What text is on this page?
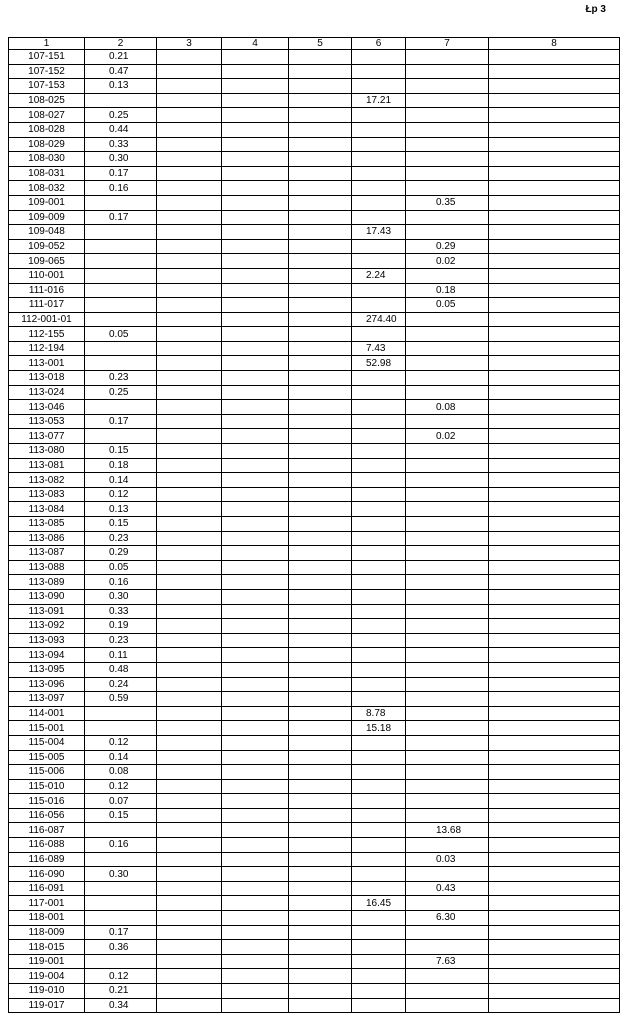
Łp 3
1	2	3	4	5	6	7	8
107-151	0.21						
107-152	0.47						
107-153	0.13						
108-025					17.21		
108-027	0.25						
108-028	0.44						
108-029	0.33						
108-030	0.30						
108-031	0.17						
108-032	0.16						
109-001						0.35	
109-009	0.17						
109-048					17.43		
109-052						0.29	
109-065						0.02	
110-001					2.24		
111-016						0.18	
111-017						0.05	
112-001-01					274.40		
112-155	0.05						
112-194					7.43		
113-001					52.98		
113-018	0.23						
113-024	0.25						
113-046						0.08	
113-053	0.17						
113-077						0.02	
113-080	0.15						
113-081	0.18						
113-082	0.14						
113-083	0.12						
113-084	0.13						
113-085	0.15						
113-086	0.23						
113-087	0.29						
113-088	0.05						
113-089	0.16						
113-090	0.30						
113-091	0.33						
113-092	0.19						
113-093	0.23						
113-094	0.11						
113-095	0.48						
113-096	0.24						
113-097	0.59						
114-001					8.78		
115-001					15.18		
115-004	0.12						
115-005	0.14						
115-006	0.08						
115-010	0.12						
115-016	0.07						
116-056	0.15						
116-087						13.68	
116-088	0.16						
116-089						0.03	
116-090	0.30						
116-091						0.43	
117-001					16.45		
118-001						6.30	
118-009	0.17						
118-015	0.36						
119-001						7.63	
119-004	0.12						
119-010	0.21						
119-017	0.34						
